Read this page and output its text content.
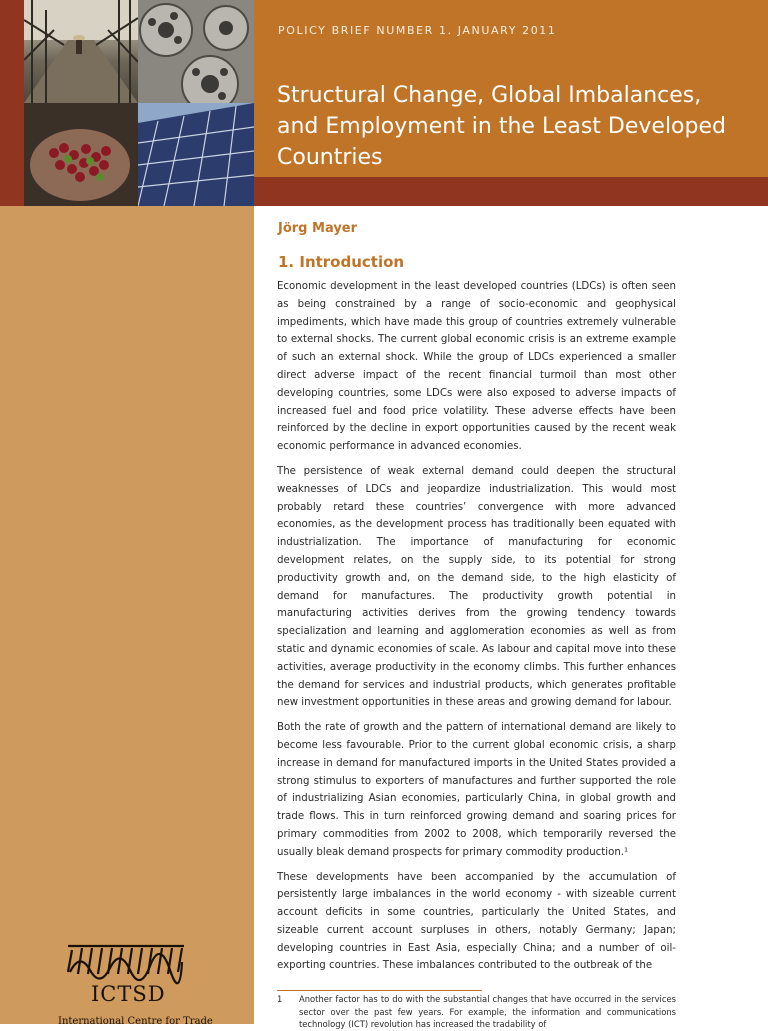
POLICY BRIEF NUMBER 1. JANUARY 2011
Structural Change, Global Imbalances, and Employment in the Least Developed Countries
ICTSD
International Centre for Trade
Jörg Mayer
1. Introduction

Economic development in the least developed countries (LDCs) is often seen as being constrained by a range of socio-economic and geophysical impediments, which have made this group of countries extremely vulnerable to external shocks. The current global economic crisis is an extreme example of such an external shock. While the group of LDCs experienced a smaller direct adverse impact of the recent financial turmoil than most other developing countries, some LDCs were also exposed to adverse impacts of increased fuel and food price volatility. These adverse effects have been reinforced by the decline in export opportunities caused by the recent weak economic performance in advanced economies.

The persistence of weak external demand could deepen the structural weaknesses of LDCs and jeopardize industrialization. This would most probably retard these countries’ convergence with more advanced economies, as the development process has traditionally been equated with industrialization. The importance of manufacturing for economic development relates, on the supply side, to its potential for strong productivity growth and, on the demand side, to the high elasticity of demand for manufactures. The productivity growth potential in manufacturing activities derives from the growing tendency towards specialization and learning and agglomeration economies as well as from static and dynamic economies of scale. As labour and capital move into these activities, average productivity in the economy climbs. This further enhances the demand for services and industrial products, which generates profitable new investment opportunities in these areas and growing demand for labour.

Both the rate of growth and the pattern of international demand are likely to become less favourable. Prior to the current global economic crisis, a sharp increase in demand for manufactured imports in the United States provided a strong stimulus to exporters of manufactures and further supported the role of industrializing Asian economies, particularly China, in global growth and trade flows. This in turn reinforced growing demand and soaring prices for primary commodities from 2002 to 2008, which temporarily reversed the usually bleak demand prospects for primary commodity production.¹

These developments have been accompanied by the accumulation of persistently large imbalances in the world economy - with sizeable current account deficits in some countries, particularly the United States, and sizeable current account surpluses in others, notably Germany; Japan; developing countries in East Asia, especially China; and a number of oil-exporting countries. These imbalances contributed to the outbreak of the

1	Another factor has to do with the substantial changes that have occurred in the services sector over the past few years. For example, the information and communications technology (ICT) revolution has increased the tradability of
